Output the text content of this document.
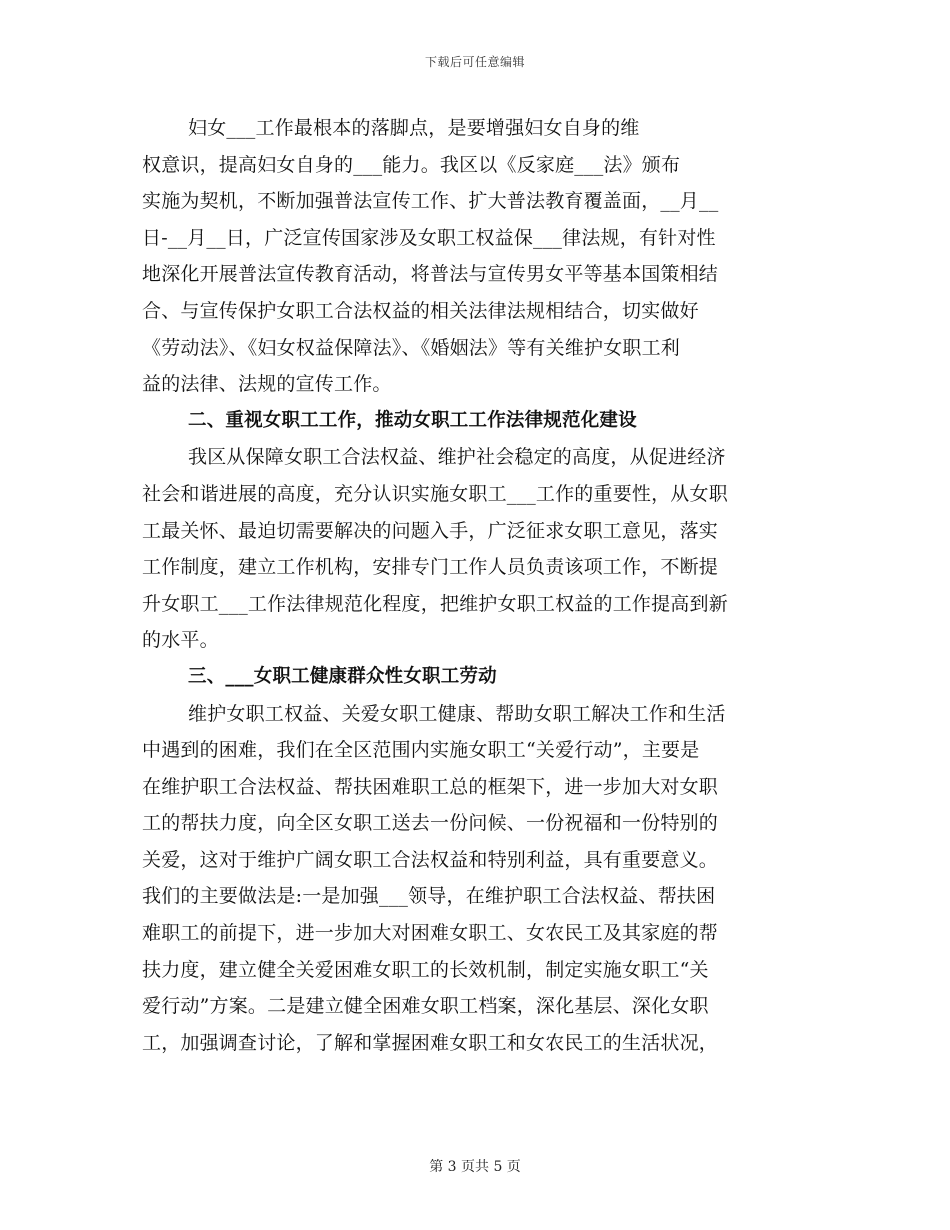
下载后可任意编辑
妇女___工作最根本的落脚点，是要增强妇女自身的维
权意识，提高妇女自身的___能力。我区以《反家庭___法》颁布
实施为契机，不断加强普法宣传工作、扩大普法教育覆盖面，__月__
日-__月__日，广泛宣传国家涉及女职工权益保___律法规，有针对性
地深化开展普法宣传教育活动，将普法与宣传男女平等基本国策相结
合、与宣传保护女职工合法权益的相关法律法规相结合，切实做好
《劳动法》、《妇女权益保障法》、《婚姻法》等有关维护女职工利
益的法律、法规的宣传工作。
二、重视女职工工作，推动女职工工作法律规范化建设
我区从保障女职工合法权益、维护社会稳定的高度，从促进经济
社会和谐进展的高度，充分认识实施女职工___工作的重要性，从女职
工最关怀、最迫切需要解决的问题入手，广泛征求女职工意见，落实
工作制度，建立工作机构，安排专门工作人员负责该项工作，不断提
升女职工___工作法律规范化程度，把维护女职工权益的工作提高到新
的水平。
三、___女职工健康群众性女职工劳动
维护女职工权益、关爱女职工健康、帮助女职工解决工作和生活
中遇到的困难，我们在全区范围内实施女职工“关爱行动”，主要是
在维护职工合法权益、帮扶困难职工总的框架下，进一步加大对女职
工的帮扶力度，向全区女职工送去一份问候、一份祝福和一份特别的
关爱，这对于维护广阔女职工合法权益和特别利益，具有重要意义。
我们的主要做法是:一是加强___领导，在维护职工合法权益、帮扶困
难职工的前提下，进一步加大对困难女职工、女农民工及其家庭的帮
扶力度，建立健全关爱困难女职工的长效机制，制定实施女职工“关
爱行动”方案。二是建立健全困难女职工档案，深化基层、深化女职
工，加强调查讨论，了解和掌握困难女职工和女农民工的生活状况，
第 3 页共 5 页
